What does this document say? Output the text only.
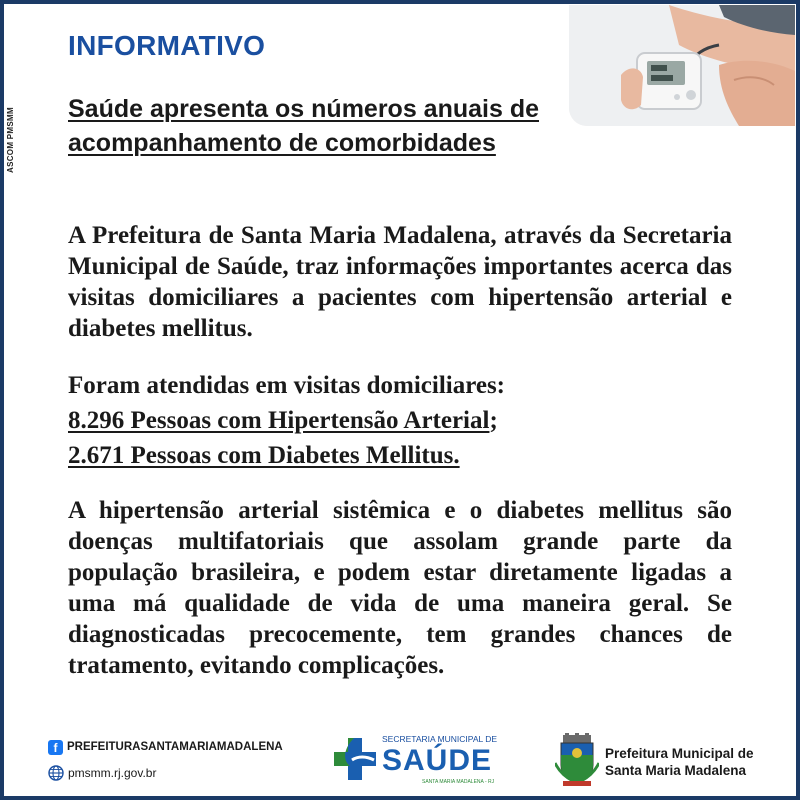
ASCOM PMSMM
INFORMATIVO
Saúde apresenta os números anuais de acompanhamento de comorbidades
A Prefeitura de Santa Maria Madalena, através da Secretaria Municipal de Saúde, traz informações importantes acerca das visitas domiciliares a pacientes com hipertensão arterial e diabetes mellitus.
Foram atendidas em visitas domiciliares:
8.296 Pessoas com Hipertensão Arterial;
2.671 Pessoas com Diabetes Mellitus.
A hipertensão arterial sistêmica e o diabetes mellitus são doenças multifatoriais que assolam grande parte da população brasileira, e podem estar diretamente ligadas a uma má qualidade de vida de uma maneira geral. Se diagnosticadas precocemente, tem grandes chances de tratamento, evitando complicações.
f PREFEITURASANTAMARIAMADALENA
pmsmm.rj.gov.br
SECRETARIA MUNICIPAL DE
SAÚDE
SANTA MARIA MADALENA - RJ
Prefeitura Municipal de
Santa Maria Madalena
